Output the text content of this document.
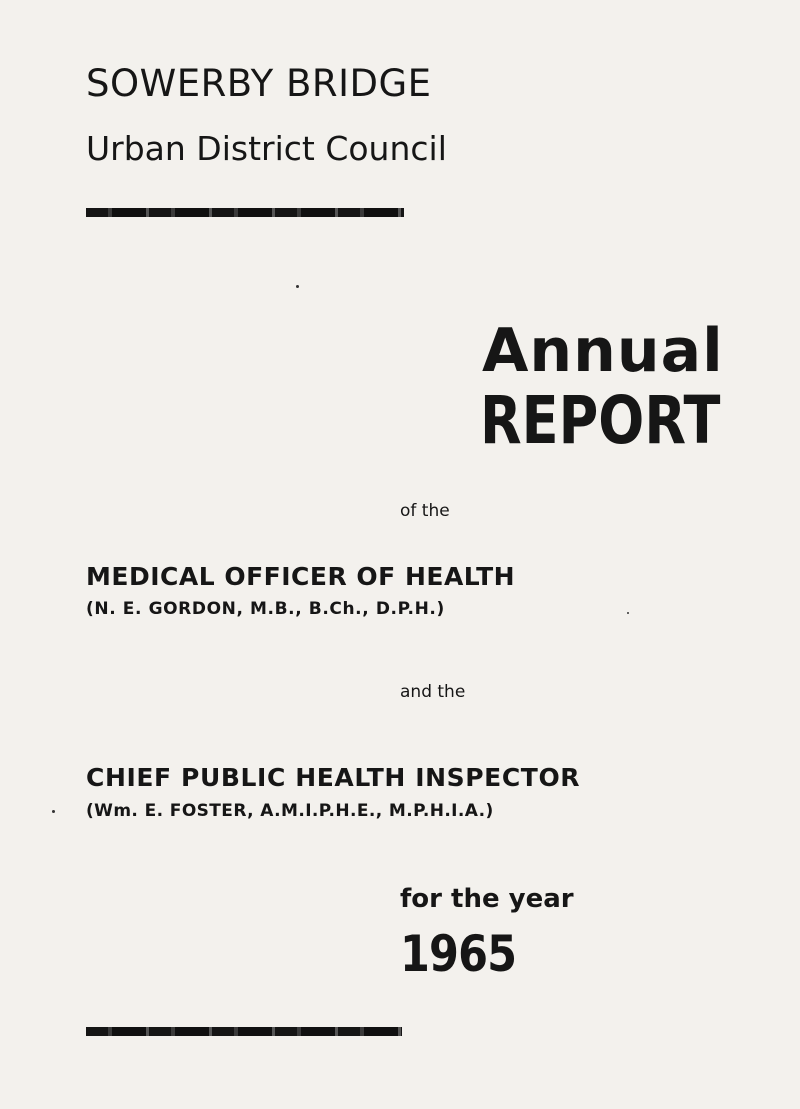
SOWERBY BRIDGE
Urban District Council
Annual
REPORT
of the
MEDICAL OFFICER OF HEALTH
(N. E. GORDON, M.B., B.Ch., D.P.H.)
and the
CHIEF PUBLIC HEALTH INSPECTOR
(Wm. E. FOSTER, A.M.I.P.H.E., M.P.H.I.A.)
for the year
1965
